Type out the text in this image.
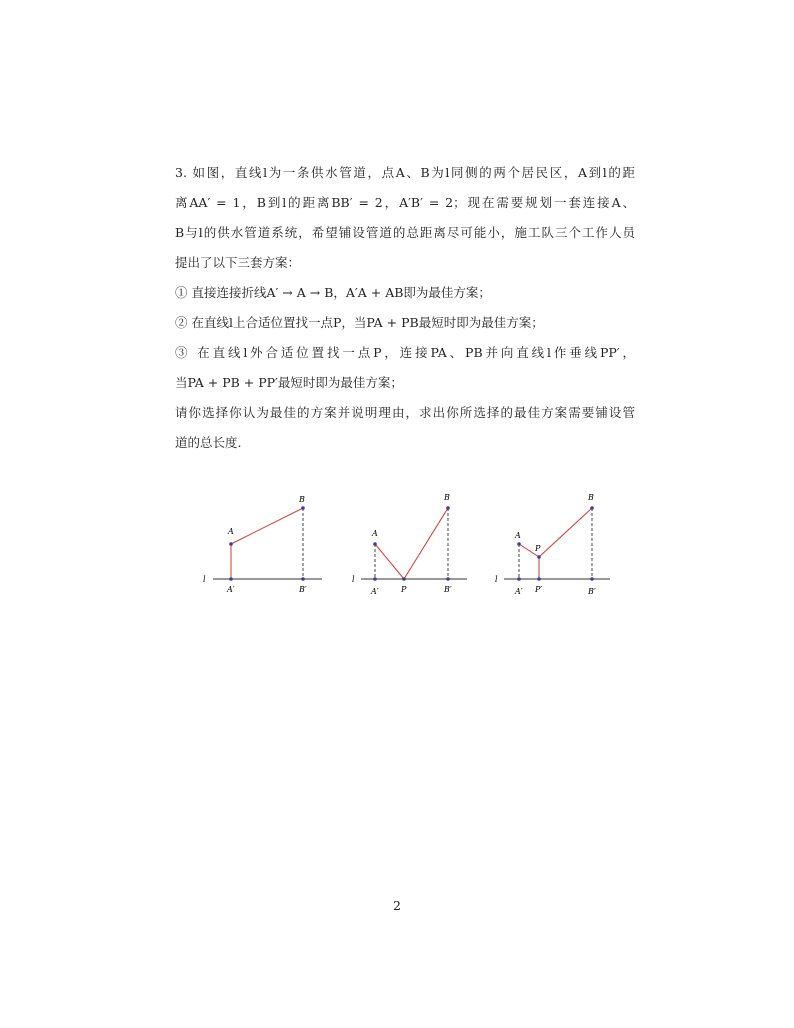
3. 如图，直线l为一条供水管道，点A、B为l同侧的两个居民区，A到l的距
离AA′ = 1，B到l的距离BB′ = 2，A′B′ = 2；现在需要规划一套连接A、
B与l的供水管道系统，希望铺设管道的总距离尽可能小，施工队三个工作人员
提出了以下三套方案：
① 直接连接折线A′ → A → B，A′A + AB即为最佳方案；
② 在直线l上合适位置找一点P，当PA + PB最短时即为最佳方案；
③ 在直线l外合适位置找一点P，连接PA、PB并向直线l作垂线PP′，
当PA + PB + PP′最短时即为最佳方案；
请你选择你认为最佳的方案并说明理由，求出你所选择的最佳方案需要铺设管
道的总长度.
l
A
B
A′	B′
l
A
B
A′	P	B′
l
A
B
P
A′ P′	B′
2
